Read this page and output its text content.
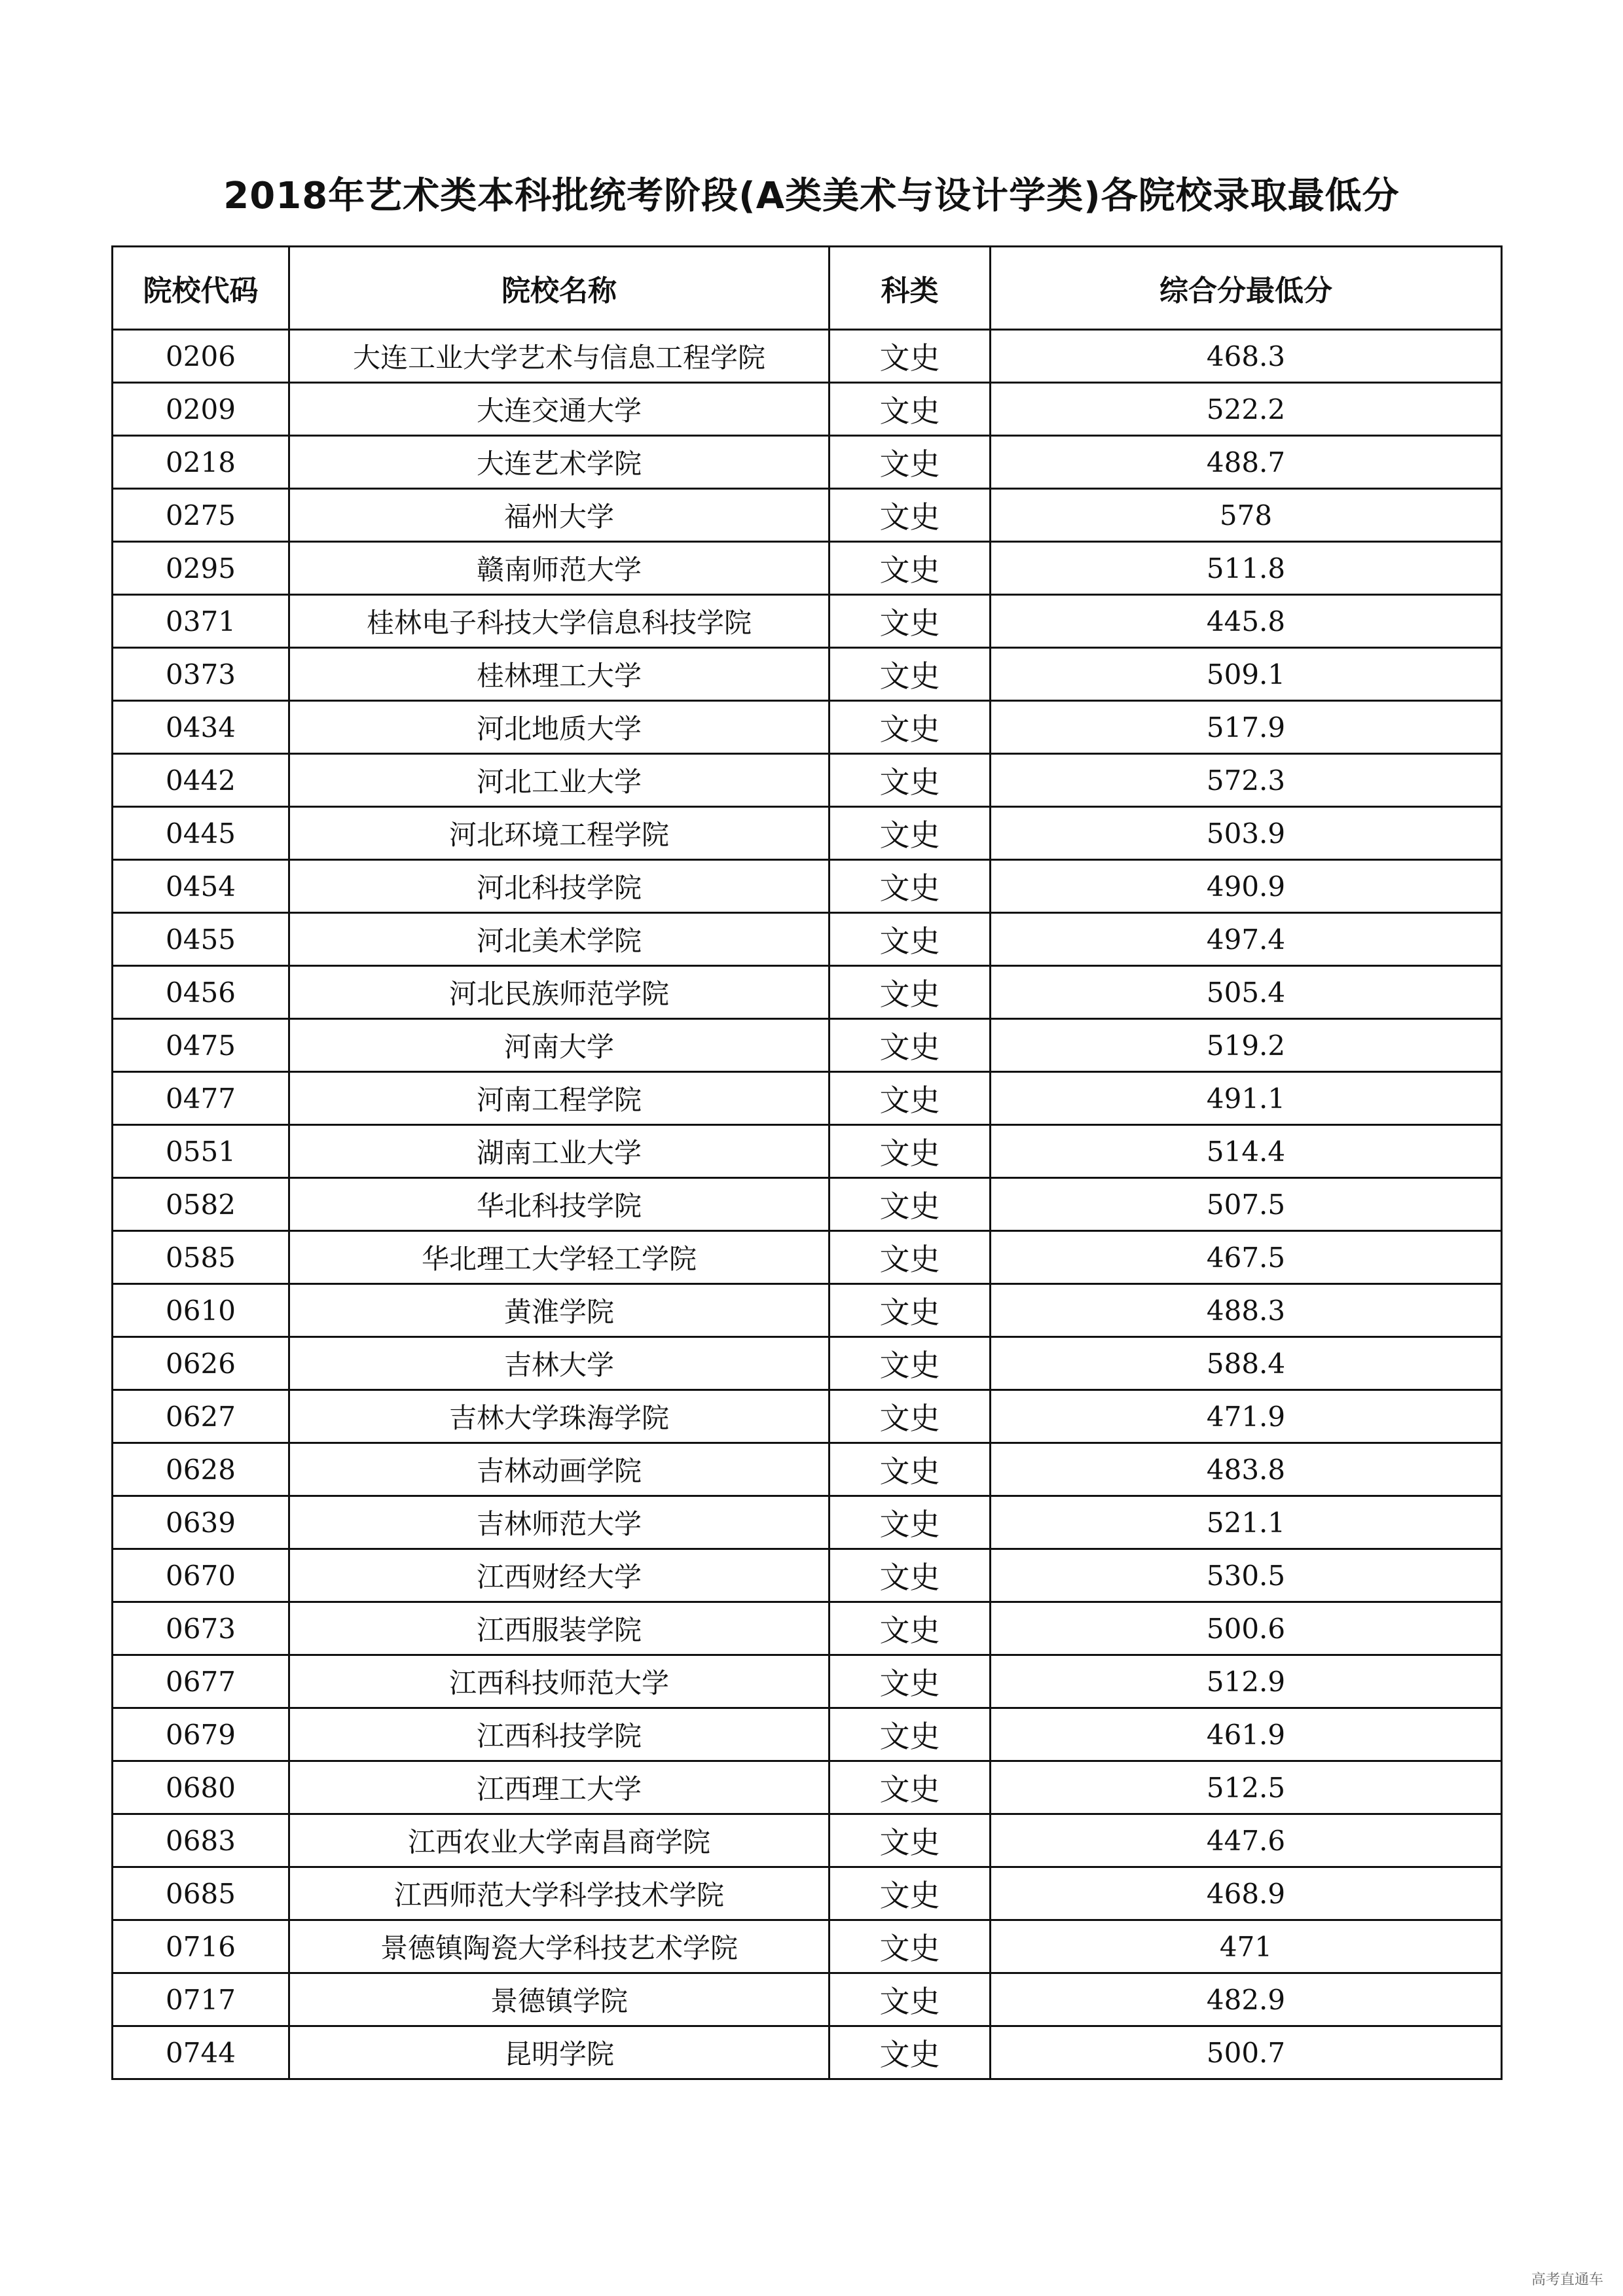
2018年艺术类本科批统考阶段(A类美术与设计学类)各院校录取最低分
院校代码	院校名称	科类	综合分最低分
0206	大连工业大学艺术与信息工程学院	文史	468.3
0209	大连交通大学	文史	522.2
0218	大连艺术学院	文史	488.7
0275	福州大学	文史	578
0295	赣南师范大学	文史	511.8
0371	桂林电子科技大学信息科技学院	文史	445.8
0373	桂林理工大学	文史	509.1
0434	河北地质大学	文史	517.9
0442	河北工业大学	文史	572.3
0445	河北环境工程学院	文史	503.9
0454	河北科技学院	文史	490.9
0455	河北美术学院	文史	497.4
0456	河北民族师范学院	文史	505.4
0475	河南大学	文史	519.2
0477	河南工程学院	文史	491.1
0551	湖南工业大学	文史	514.4
0582	华北科技学院	文史	507.5
0585	华北理工大学轻工学院	文史	467.5
0610	黄淮学院	文史	488.3
0626	吉林大学	文史	588.4
0627	吉林大学珠海学院	文史	471.9
0628	吉林动画学院	文史	483.8
0639	吉林师范大学	文史	521.1
0670	江西财经大学	文史	530.5
0673	江西服装学院	文史	500.6
0677	江西科技师范大学	文史	512.9
0679	江西科技学院	文史	461.9
0680	江西理工大学	文史	512.5
0683	江西农业大学南昌商学院	文史	447.6
0685	江西师范大学科学技术学院	文史	468.9
0716	景德镇陶瓷大学科技艺术学院	文史	471
0717	景德镇学院	文史	482.9
0744	昆明学院	文史	500.7
高考直通车
